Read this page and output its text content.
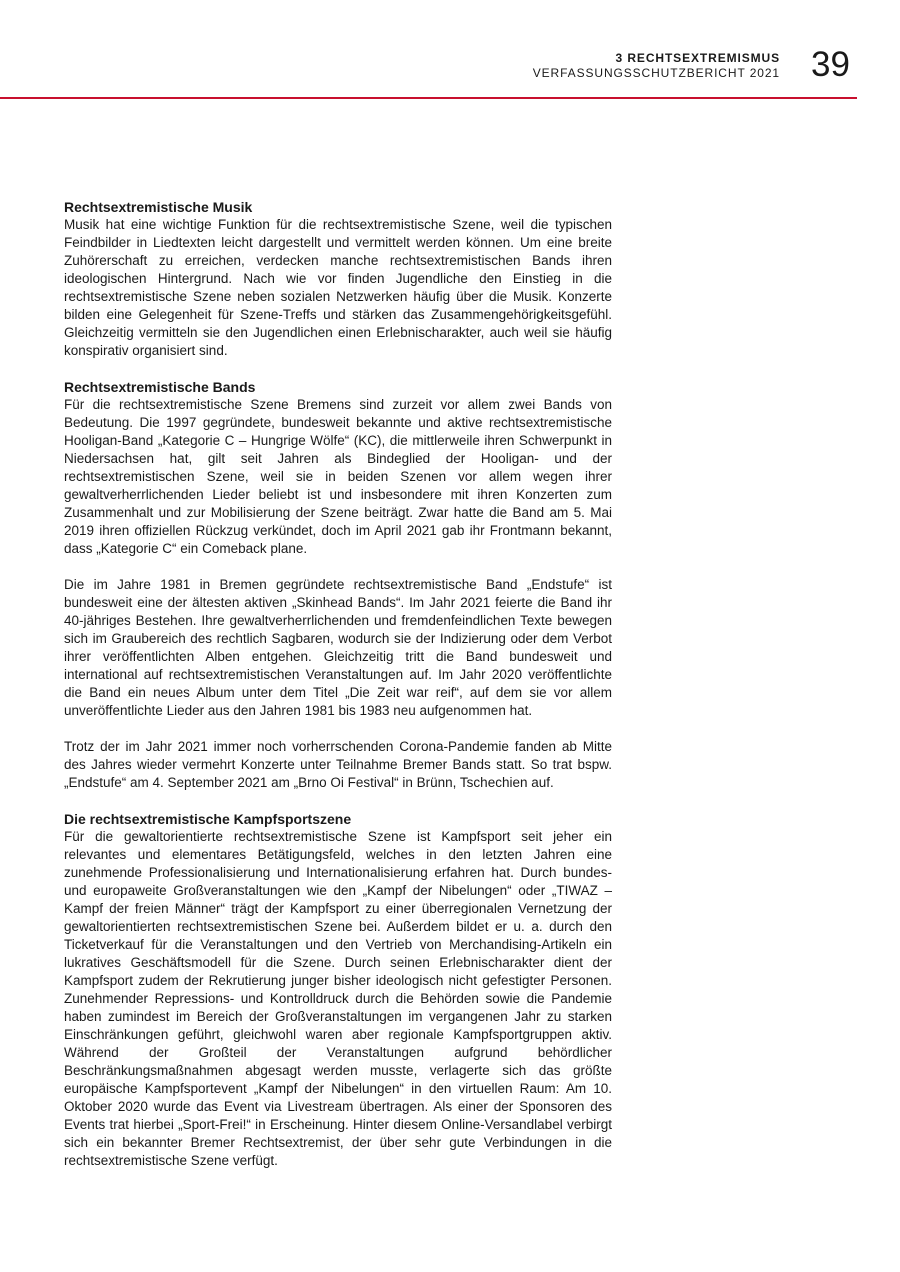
3 RECHTSEXTREMISMUS
VERFASSUNGSSCHUTZBERICHT 2021 39
Rechtsextremistische Musik

Musik hat eine wichtige Funktion für die rechtsextremistische Szene, weil die typischen Feindbilder in Liedtexten leicht dargestellt und vermittelt werden können. Um eine breite Zuhörerschaft zu erreichen, verdecken manche rechtsextremistischen Bands ihren ideologischen Hintergrund. Nach wie vor finden Jugendliche den Einstieg in die rechtsextremistische Szene neben sozialen Netzwerken häufig über die Musik. Konzerte bilden eine Gelegenheit für Szene-Treffs und stärken das Zusammengehörigkeitsgefühl. Gleichzeitig vermitteln sie den Jugendlichen einen Erlebnischarakter, auch weil sie häufig konspirativ organisiert sind.

Rechtsextremistische Bands

Für die rechtsextremistische Szene Bremens sind zurzeit vor allem zwei Bands von Bedeutung. Die 1997 gegründete, bundesweit bekannte und aktive rechtsextremistische Hooligan-Band „Kategorie C – Hungrige Wölfe“ (KC), die mittlerweile ihren Schwerpunkt in Niedersachsen hat, gilt seit Jahren als Bindeglied der Hooligan- und der rechtsextremistischen Szene, weil sie in beiden Szenen vor allem wegen ihrer gewaltverherrlichenden Lieder beliebt ist und insbesondere mit ihren Konzerten zum Zusammenhalt und zur Mobilisierung der Szene beiträgt. Zwar hatte die Band am 5. Mai 2019 ihren offiziellen Rückzug verkündet, doch im April 2021 gab ihr Frontmann bekannt, dass „Kategorie C“ ein Comeback plane.

Die im Jahre 1981 in Bremen gegründete rechtsextremistische Band „Endstufe“ ist bundesweit eine der ältesten aktiven „Skinhead Bands“. Im Jahr 2021 feierte die Band ihr 40-jähriges Bestehen. Ihre gewaltverherrlichenden und fremdenfeindlichen Texte bewegen sich im Graubereich des rechtlich Sagbaren, wodurch sie der Indizierung oder dem Verbot ihrer veröffentlichten Alben entgehen. Gleichzeitig tritt die Band bundesweit und international auf rechtsextremistischen Veranstaltungen auf. Im Jahr 2020 veröffentlichte die Band ein neues Album unter dem Titel „Die Zeit war reif“, auf dem sie vor allem unveröffentlichte Lieder aus den Jahren 1981 bis 1983 neu aufgenommen hat.

Trotz der im Jahr 2021 immer noch vorherrschenden Corona-Pandemie fanden ab Mitte des Jahres wieder vermehrt Konzerte unter Teilnahme Bremer Bands statt. So trat bspw. „Endstufe“ am 4. September 2021 am „Brno Oi Festival“ in Brünn, Tschechien auf.

Die rechtsextremistische Kampfsportszene

Für die gewaltorientierte rechtsextremistische Szene ist Kampfsport seit jeher ein relevantes und elementares Betätigungsfeld, welches in den letzten Jahren eine zunehmende Professionalisierung und Internationalisierung erfahren hat. Durch bundes- und europaweite Großveranstaltungen wie den „Kampf der Nibelungen“ oder „TIWAZ – Kampf der freien Männer“ trägt der Kampfsport zu einer überregionalen Vernetzung der gewaltorientierten rechtsextremistischen Szene bei. Außerdem bildet er u. a. durch den Ticketverkauf für die Veranstaltungen und den Vertrieb von Merchandising-Artikeln ein lukratives Geschäftsmodell für die Szene. Durch seinen Erlebnischarakter dient der Kampfsport zudem der Rekrutierung junger bisher ideologisch nicht gefestigter Personen. Zunehmender Repressions- und Kontrolldruck durch die Behörden sowie die Pandemie haben zumindest im Bereich der Großveranstaltungen im vergangenen Jahr zu starken Einschränkungen geführt, gleichwohl waren aber regionale Kampfsportgruppen aktiv. Während der Großteil der Veranstaltungen aufgrund behördlicher Beschränkungsmaßnahmen abgesagt werden musste, verlagerte sich das größte europäische Kampfsportevent „Kampf der Nibelungen“ in den virtuellen Raum: Am 10. Oktober 2020 wurde das Event via Livestream übertragen. Als einer der Sponsoren des Events trat hierbei „Sport-Frei!“ in Erscheinung. Hinter diesem Online-Versandlabel verbirgt sich ein bekannter Bremer Rechtsextremist, der über sehr gute Verbindungen in die rechtsextremistische Szene verfügt.
